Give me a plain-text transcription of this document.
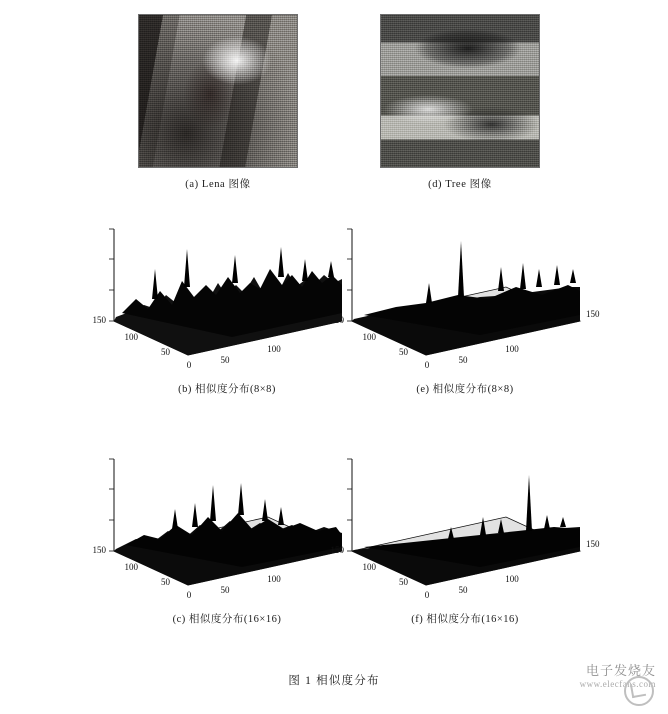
(a) Lena 图像	(d) Tree 图像
150
100
50
0	50
100
(b) 相似度分布(8×8)
150
100
50
0	50
100
150
(e) 相似度分布(8×8)
150
100
50
0	50
100
(c) 相似度分布(16×16)
150
100
50
0	50
100
150
(f) 相似度分布(16×16)
图 1 相似度分布
电子发烧友
www.elecfans.com
